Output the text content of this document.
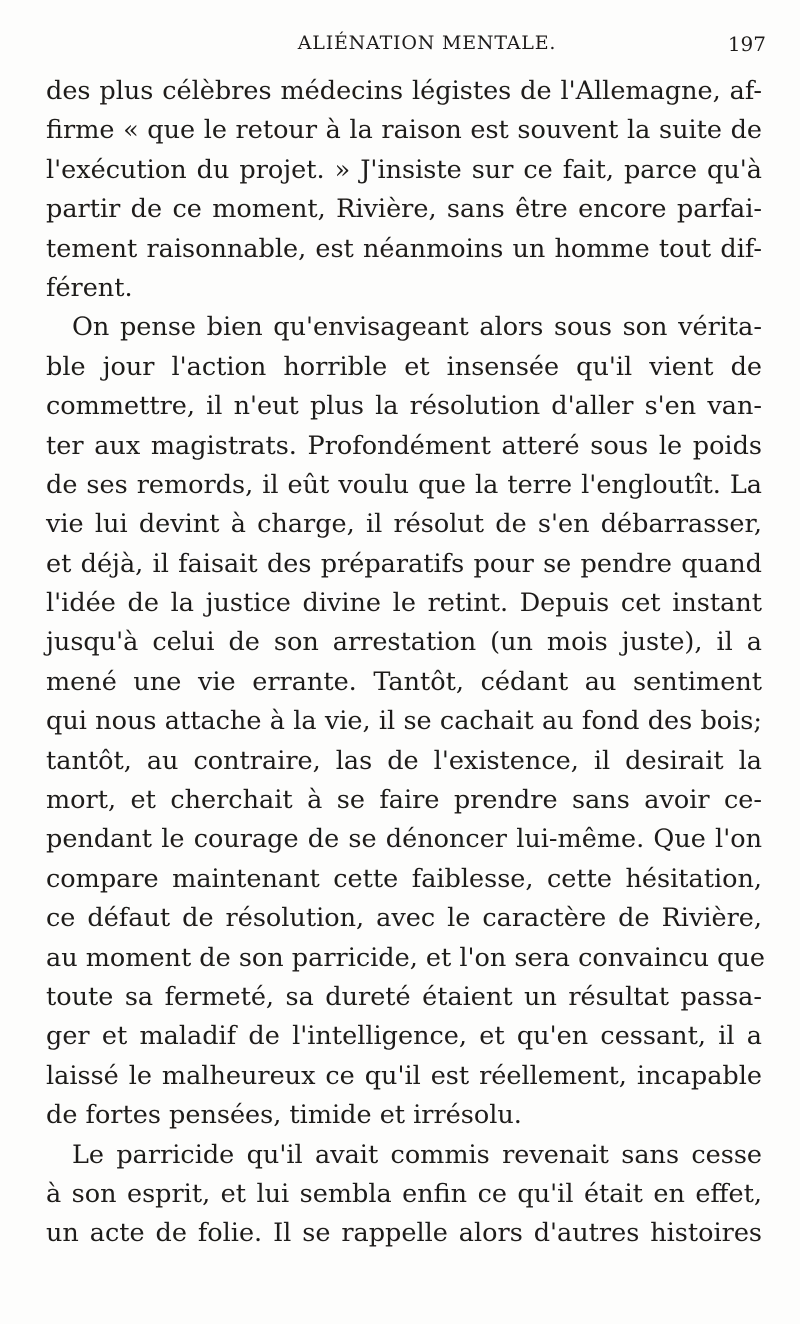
ALIÉNATION MENTALE.	197
des plus célèbres médecins légistes de l'Allemagne, af-
firme « que le retour à la raison est souvent la suite de
l'exécution du projet. » J'insiste sur ce fait, parce qu'à
partir de ce moment, Rivière, sans être encore parfai-
tement raisonnable, est néanmoins un homme tout dif-
férent.
On pense bien qu'envisageant alors sous son vérita-
ble jour l'action horrible et insensée qu'il vient de
commettre, il n'eut plus la résolution d'aller s'en van-
ter aux magistrats. Profondément atteré sous le poids
de ses remords, il eût voulu que la terre l'engloutît. La
vie lui devint à charge, il résolut de s'en débarrasser,
et déjà, il faisait des préparatifs pour se pendre quand
l'idée de la justice divine le retint. Depuis cet instant
jusqu'à celui de son arrestation (un mois juste), il a
mené une vie errante. Tantôt, cédant au sentiment
qui nous attache à la vie, il se cachait au fond des bois;
tantôt, au contraire, las de l'existence, il desirait la
mort, et cherchait à se faire prendre sans avoir ce-
pendant le courage de se dénoncer lui-même. Que l'on
compare maintenant cette faiblesse, cette hésitation,
ce défaut de résolution, avec le caractère de Rivière,
au moment de son parricide, et l'on sera convaincu que
toute sa fermeté, sa dureté étaient un résultat passa-
ger et maladif de l'intelligence, et qu'en cessant, il a
laissé le malheureux ce qu'il est réellement, incapable
de fortes pensées, timide et irrésolu.
Le parricide qu'il avait commis revenait sans cesse
à son esprit, et lui sembla enfin ce qu'il était en effet,
un acte de folie. Il se rappelle alors d'autres histoires
